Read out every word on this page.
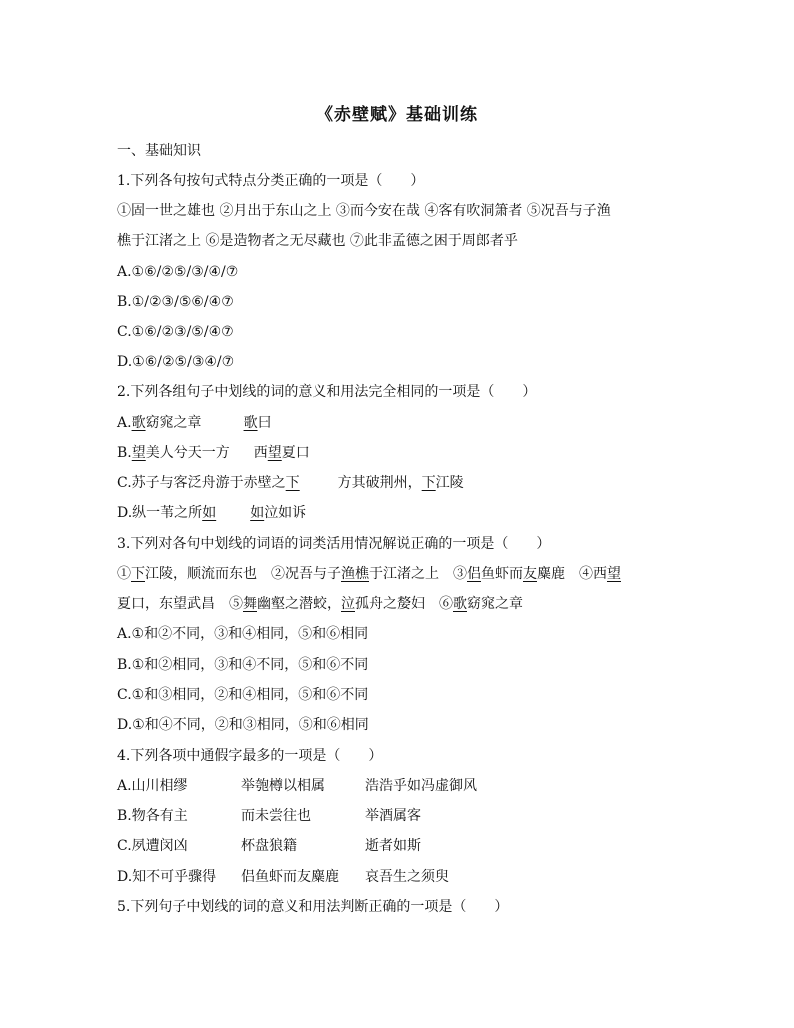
《赤壁赋》基础训练
一、基础知识
1.下列各句按句式特点分类正确的一项是（　　）
①固一世之雄也 ②月出于东山之上 ③而今安在哉 ④客有吹洞箫者 ⑤况吾与子渔
樵于江渚之上 ⑥是造物者之无尽藏也 ⑦此非孟德之困于周郎者乎
A.①⑥/②⑤/③/④/⑦
B.①/②③/⑤⑥/④⑦
C.①⑥/②③/⑤/④⑦
D.①⑥/②⑤/③④/⑦
2.下列各组句子中划线的词的意义和用法完全相同的一项是（　　）
A.歌窈窕之章	歌曰
B.望美人兮天一方 西望夏口
C.苏子与客泛舟游于赤壁之下	方其破荆州，下江陵
D.纵一苇之所如 如泣如诉
3.下列对各句中划线的词语的词类活用情况解说正确的一项是（　　）
①下江陵，顺流而东也　②况吾与子渔樵于江渚之上　③侣鱼虾而友麋鹿　④西望
夏口，东望武昌　⑤舞幽壑之潜蛟，泣孤舟之嫠妇　⑥歌窈窕之章
A.①和②不同，③和④相同，⑤和⑥相同
B.①和②相同，③和④不同，⑤和⑥不同
C.①和③相同，②和④相同，⑤和⑥不同
D.①和④不同，②和③相同，⑤和⑥相同
4.下列各项中通假字最多的一项是（　　）
A.山川相缪	举匏樽以相属	浩浩乎如冯虚御风
B.物各有主	而未尝往也	举酒属客
C.夙遭闵凶	杯盘狼籍	逝者如斯
D.知不可乎骤得 侣鱼虾而友麋鹿 哀吾生之须臾
5.下列句子中划线的词的意义和用法判断正确的一项是（　　）
